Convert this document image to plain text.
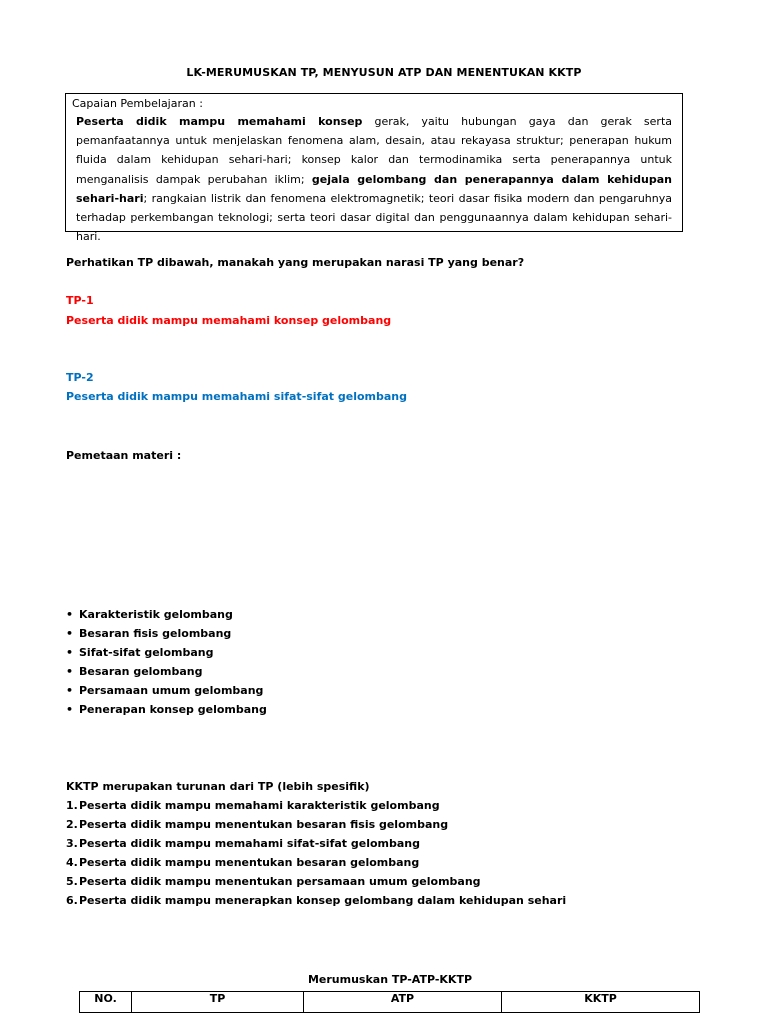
LK-MERUMUSKAN TP, MENYUSUN ATP DAN MENENTUKAN KKTP
Capaian Pembelajaran :

Peserta didik mampu memahami konsep gerak, yaitu hubungan gaya dan gerak serta pemanfaatannya untuk menjelaskan fenomena alam, desain, atau rekayasa struktur; penerapan hukum fluida dalam kehidupan sehari-hari; konsep kalor dan termodinamika serta penerapannya untuk menganalisis dampak perubahan iklim; gejala gelombang dan penerapannya dalam kehidupan sehari-hari; rangkaian listrik dan fenomena elektromagnetik; teori dasar fisika modern dan pengaruhnya terhadap perkembangan teknologi; serta teori dasar digital dan penggunaannya dalam kehidupan sehari-hari.

Perhatikan TP dibawah, manakah yang merupakan narasi TP yang benar?
TP-1
Peserta didik mampu memahami konsep gelombang
TP-2
Peserta didik mampu memahami sifat-sifat gelombang
Pemetaan materi :
• Karakteristik gelombang
• Besaran fisis gelombang
• Sifat-sifat gelombang
• Besaran gelombang
• Persamaan umum gelombang
• Penerapan konsep gelombang
KKTP merupakan turunan dari TP (lebih spesifik)
1. Peserta didik mampu memahami karakteristik gelombang
2. Peserta didik mampu menentukan besaran fisis gelombang
3. Peserta didik mampu memahami sifat-sifat gelombang
4. Peserta didik mampu menentukan besaran gelombang
5. Peserta didik mampu menentukan persamaan umum gelombang
6. Peserta didik mampu menerapkan konsep gelombang dalam kehidupan sehari
Merumuskan TP-ATP-KKTP
NO.	TP	ATP	KKTP
